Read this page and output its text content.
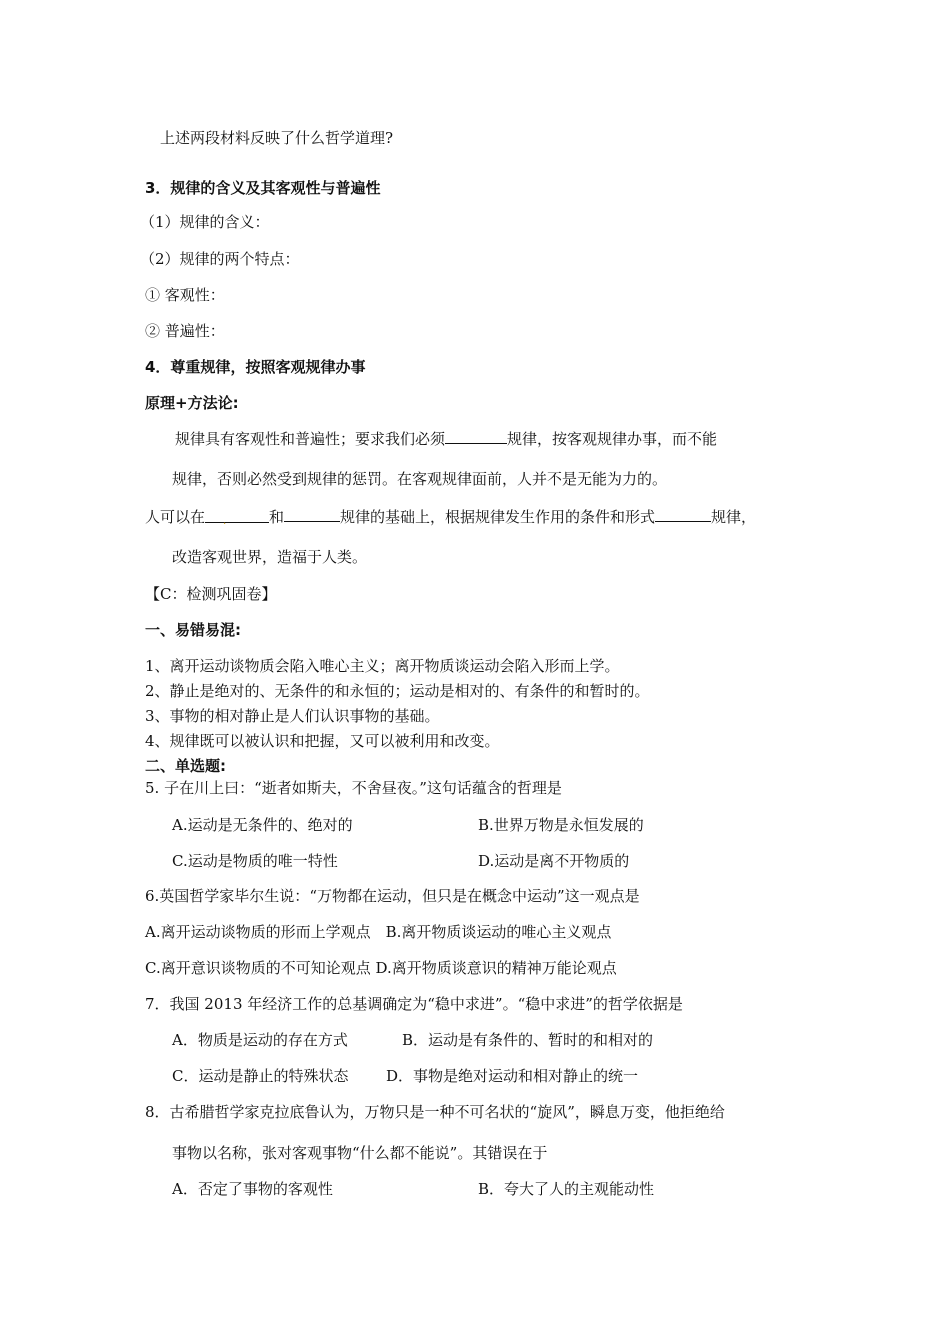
上述两段材料反映了什么哲学道理?
3．规律的含义及其客观性与普遍性
（1）规律的含义：
（2）规律的两个特点：
① 客观性：
② 普遍性：
4．尊重规律，按照客观规律办事
原理+方法论:
规律具有客观性和普遍性；要求我们必须	规律，按客观规律办事，而不能
规律，否则必然受到规律的惩罚。在客观规律面前，人并不是无能为力的。
人可以在 .	和	规律的基础上，根据规律发生作用的条件和形式	规律，
改造客观世界，造福于人类。
【C：检测巩固卷】
一、易错易混:
1、离开运动谈物质会陷入唯心主义；离开物质谈运动会陷入形而上学。
2、静止是绝对的、无条件的和永恒的；运动是相对的、有条件的和暂时的。
3、事物的相对静止是人们认识事物的基础。
4、规律既可以被认识和把握，又可以被利用和改变。
二、单选题:
5. 子在川上曰：“逝者如斯夫，不舍昼夜。”这句话蕴含的哲理是
A.运动是无条件的、绝对的	B.世界万物是永恒发展的
C.运动是物质的唯一特性	D.运动是离不开物质的
6.英国哲学家毕尔生说：“万物都在运动，但只是在概念中运动”这一观点是
A.离开运动谈物质的形而上学观点　B.离开物质谈运动的唯心主义观点
C.离开意识谈物质的不可知论观点 D.离开物质谈意识的精神万能论观点
7．我国 2013 年经济工作的总基调确定为“稳中求进”。“稳中求进”的哲学依据是
A．物质是运动的存在方式	B．运动是有条件的、暂时的和相对的
C．运动是静止的特殊状态	D．事物是绝对运动和相对静止的统一
8．古希腊哲学家克拉底鲁认为，万物只是一种不可名状的“旋风”，瞬息万变，他拒绝给
事物以名称，张对客观事物“什么都不能说”。其错误在于
A．否定了事物的客观性	B．夸大了人的主观能动性
